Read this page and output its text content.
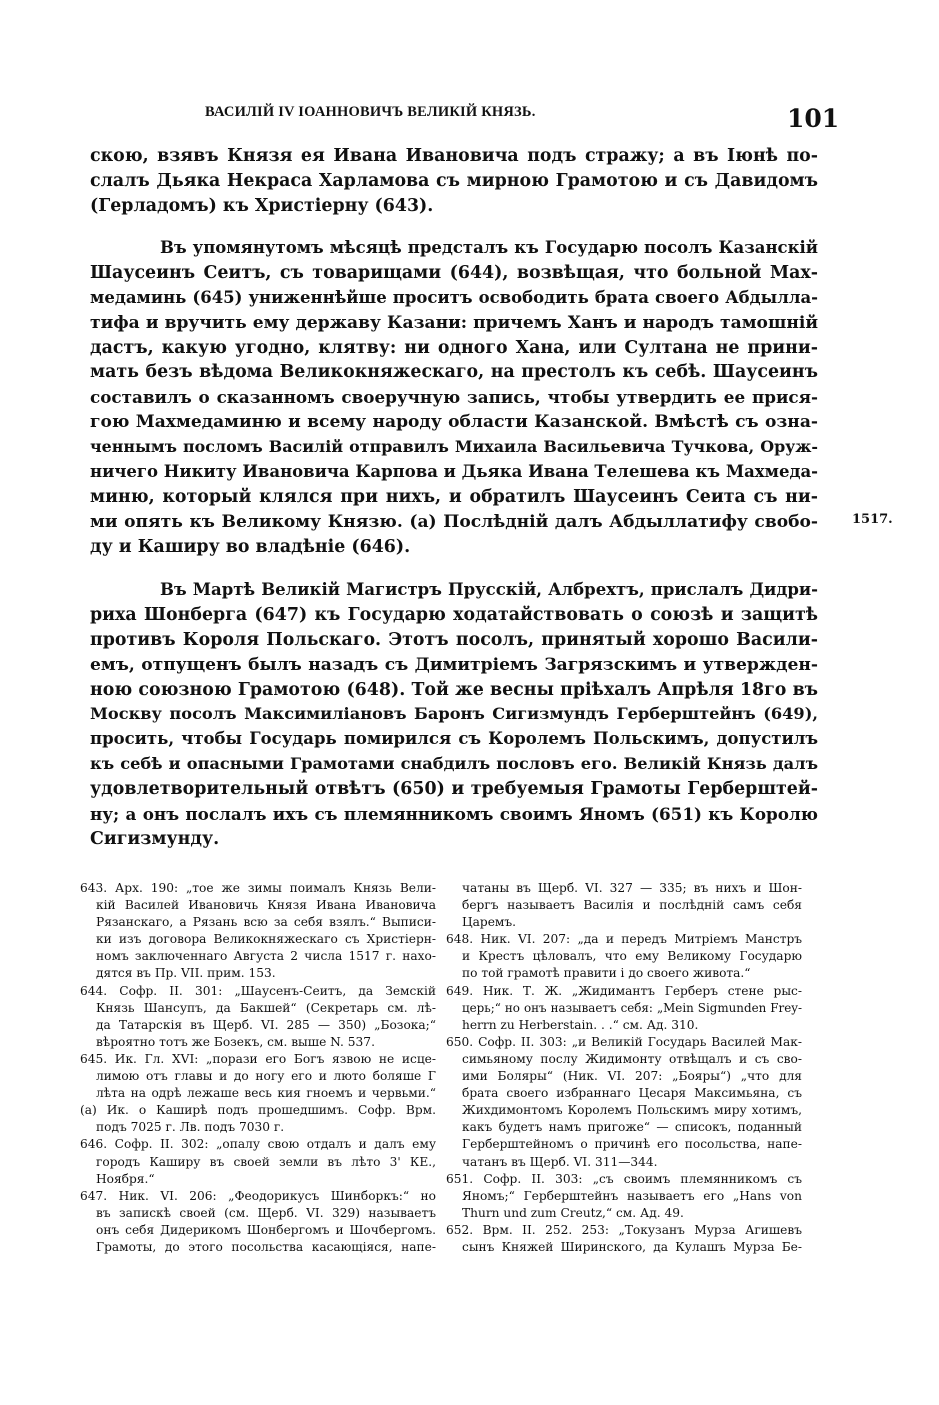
ВАСИЛІЙ IV ІОАННОВИЧЪ ВЕЛИКІЙ КНЯЗЬ.	101
скою, взявъ Князя ея Ивана Ивановича подъ стражу; а въ Іюнѣ по-
слалъ Дьяка Некраса Харламова съ мирною Грамотою и съ Давидомъ
(Герладомъ) къ Христіерну (643).
Въ упомянутомъ мѣсяцѣ предсталъ къ Государю посолъ Казанскій
Шаусеинъ Сеитъ, съ товарищами (644), возвѣщая, что больной Мах-
медаминь (645) униженнѣйше проситъ освободить брата своего Абдылла-
тифа и вручить ему державу Казани: причемъ Ханъ и народъ тамошній
дастъ, какую угодно, клятву: ни одного Хана, или Султана не прини-
мать безъ вѣдома Великокняжескаго, на престолъ къ себѣ. Шаусеинъ
составилъ о сказанномъ своеручную запись, чтобы утвердить ее прися-
гою Махмедаминю и всему народу области Казанской. Вмѣстѣ съ озна-
ченнымъ посломъ Василій отправилъ Михаила Васильевича Тучкова, Оруж-
ничего Никиту Ивановича Карпова и Дьяка Ивана Телешева къ Махмеда-
миню, который клялся при нихъ, и обратилъ Шаусеинъ Сеита съ ни-
ми опять къ Великому Князю. (а) Послѣдній далъ Абдыллатифу свобо-
ду и Каширу во владѣніе (646).
1517.
Въ Мартѣ Великій Магистръ Прусскій, Албрехтъ, прислалъ Дидри-
риха Шонберга (647) къ Государю ходатайствовать о союзѣ и защитѣ
противъ Короля Польскаго. Этотъ посолъ, принятый хорошо Васили-
емъ, отпущенъ былъ назадъ съ Димитріемъ Загрязскимъ и утвержден-
ною союзною Грамотою (648). Той же весны пріѣхалъ Апрѣля 18го въ
Москву посолъ Максимиліановъ Баронъ Сигизмундъ Герберштейнъ (649),
просить, чтобы Государь помирился съ Королемъ Польскимъ, допустилъ
къ себѣ и опасными Грамотами снабдилъ пословъ его. Великій Князь далъ
удовлетворительный отвѣтъ (650) и требуемыя Грамоты Герберштей-
ну; а онъ послалъ ихъ съ племянникомъ своимъ Яномъ (651) къ Королю
Сигизмунду.
643. Арх. 190: „тое же зимы поималъ Князь Вели-
кій Василей Ивановичь Князя Ивана Ивановича
Рязанскаго, а Рязань всю за себя взялъ.“ Выписи-
ки изъ договора Великокняжескаго съ Христіерн-
номъ заключеннаго Августа 2 числа 1517 г. нахо-
дятся въ Пр. VII. прим. 153.
644. Софр. II. 301: „Шаусенъ-Сеитъ, да Земскій
Князь Шансупъ, да Бакшей“ (Секретарь см. лѣ-
да Татарскія въ Щерб. VI. 285 — 350) „Бозока;“
вѣроятно тотъ же Бозекъ, см. выше N. 537.
645. Ик. Гл. XVI: „порази его Богъ язвою не исце-
лимою отъ главы и до ногу его и люто боляше Г
лѣта на одрѣ лежаше весь кия гноемъ и червьми.“
(а) Ик. о Каширѣ подъ прошедшимъ. Софр. Врм.
подъ 7025 г. Лв. подъ 7030 г.
646. Софр. II. 302: „опалу свою отдалъ и далъ ему
городъ Каширу въ своей земли въ лѣто 3' КЕ.,
Ноября.“
647. Ник. VI. 206: „Феодорикусъ Шинборкъ:“ но
въ запискѣ своей (см. Щерб. VI. 329) называетъ
онъ себя Дидерикомъ Шонбергомъ и Шочбергомъ.
Грамоты, до этого посольства касающіяся, напе-
чатаны въ Щерб. VI. 327 — 335; въ нихъ и Шон-
бергъ называетъ Василія и послѣдній самъ себя
Царемъ.
648. Ник. VI. 207: „да и передъ Митріемъ Манстръ
и Крестъ цѣловалъ, что ему Великому Государю
по той грамотѣ правити і до своего живота.“
649. Ник. Т. Ж. „Жидимантъ Герберъ стене рыс-
церь;“ но онъ называетъ себя: „Mein Sigmunden Frey-
herrn zu Herberstain. . .“ см. Ад. 310.
650. Софр. II. 303: „и Великій Государь Василей Мак-
симьяному послу Жидимонту отвѣщалъ и съ сво-
ими Боляры“ (Ник. VI. 207: „Бояры“) „что для
брата своего избраннаго Цесаря Максимьяна, съ
Жихдимонтомъ Королемъ Польскимъ миру хотимъ,
какъ будетъ намъ пригоже“ — списокъ, поданный
Герберштейномъ о причинѣ его посольства, напе-
чатанъ въ Щерб. VI. 311—344.
651. Софр. II. 303: „съ своимъ племянникомъ съ
Яномъ;“ Герберштейнъ называетъ его „Hans von
Thurn und zum Creutz,“ см. Ад. 49.
652. Врм. II. 252. 253: „Токузанъ Мурза Агишевъ
сынъ Княжей Ширинского, да Кулашъ Мурза Бе-
